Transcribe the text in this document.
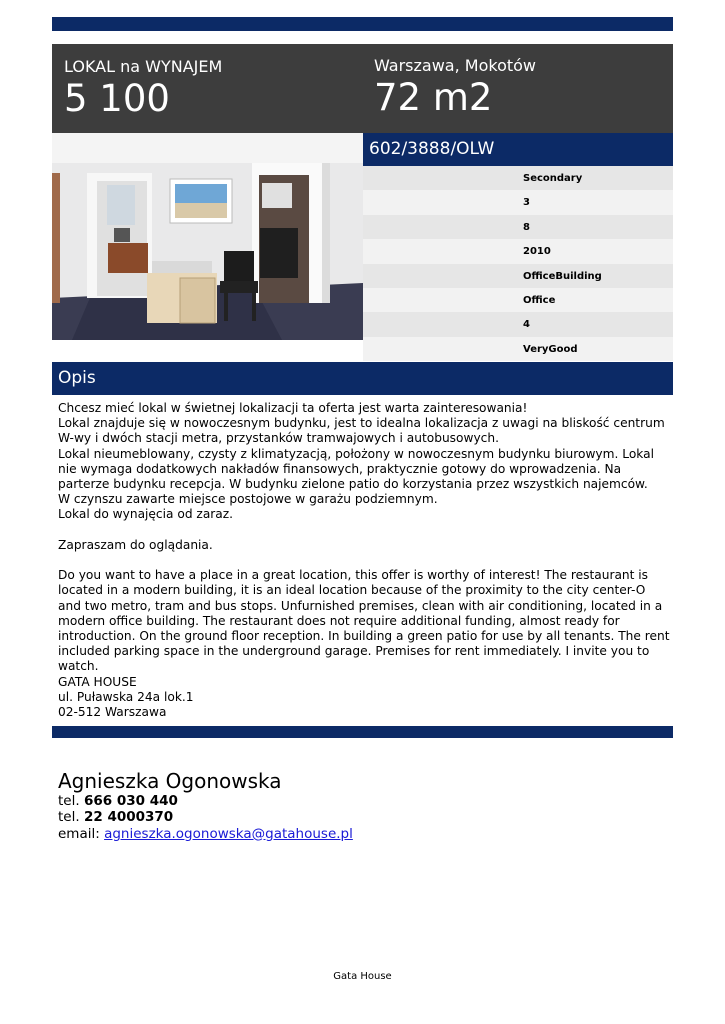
LOKAL na WYNAJEM
5 100
Warszawa, Mokotów
72 m2
602/3888/OLW
Secondary
3
8
2010
OfficeBuilding
Office
4
VeryGood
Opis

Chcesz mieć lokal w świetnej lokalizacji ta oferta jest warta zainteresowania!

Lokal znajduje się w nowoczesnym budynku, jest to idealna lokalizacja z uwagi na bliskość centrum W-wy i dwóch stacji metra, przystanków tramwajowych i autobusowych.

Lokal nieumeblowany, czysty z klimatyzacją, położony w nowoczesnym budynku biurowym. Lokal nie wymaga dodatkowych nakładów finansowych, praktycznie gotowy do wprowadzenia. Na parterze budynku recepcja. W budynku zielone patio do korzystania przez wszystkich najemców.

W czynszu zawarte miejsce postojowe w garażu podziemnym.

Lokal do wynajęcia od zaraz.

Zapraszam do oglądania.

Do you want to have a place in a great location, this offer is worthy of interest! The restaurant is located in a modern building, it is an ideal location because of the proximity to the city center-O and two metro, tram and bus stops. Unfurnished premises, clean with air conditioning, located in a modern office building. The restaurant does not require additional funding, almost ready for introduction. On the ground floor reception. In building a green patio for use by all tenants. The rent included parking space in the underground garage. Premises for rent immediately. I invite you to watch.

GATA HOUSE

ul. Puławska 24a lok.1

02-512 Warszawa

Agnieszka Ogonowska
tel. 666 030 440
tel. 22 4000370
email: agnieszka.ogonowska@gatahouse.pl
Gata House
